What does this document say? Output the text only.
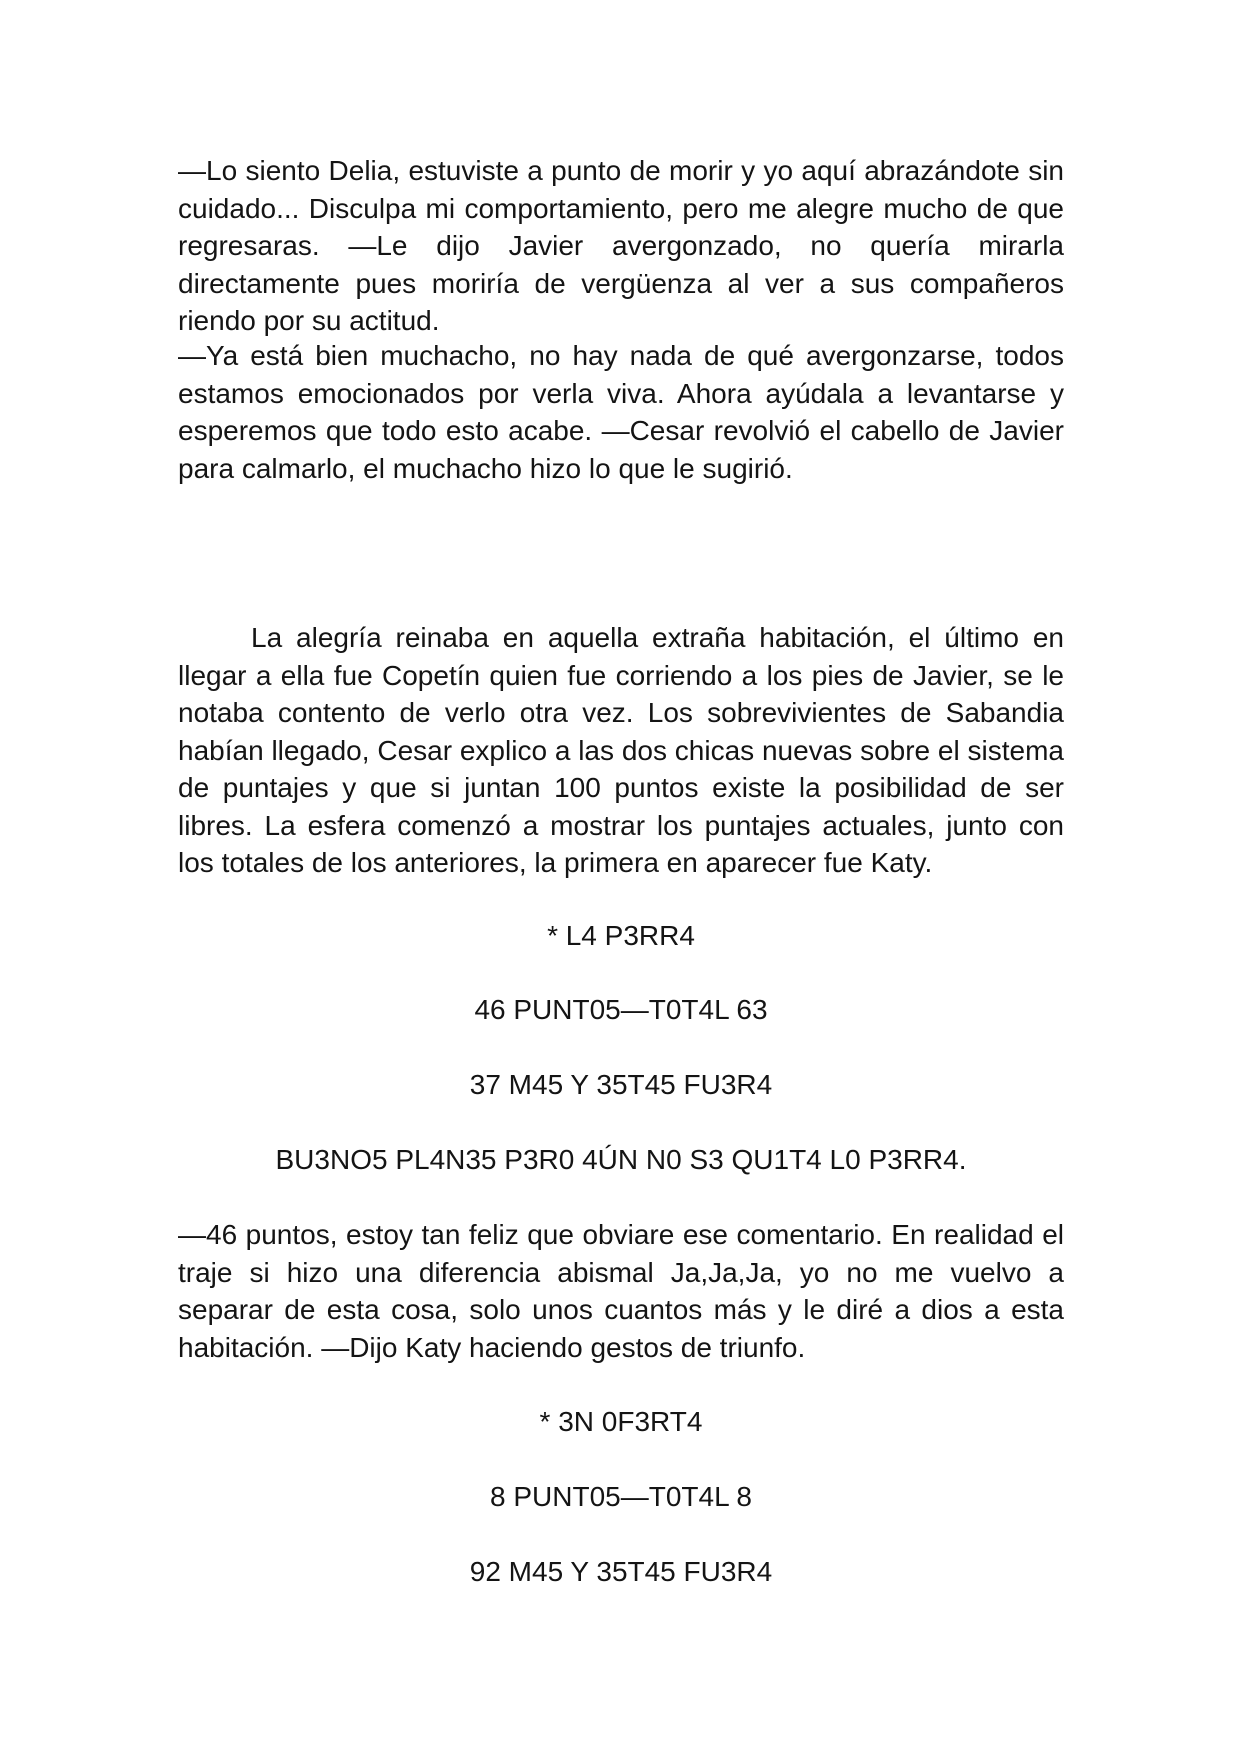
—Lo siento Delia, estuviste a punto de morir y yo aquí abrazándote sin cuidado... Disculpa mi comportamiento, pero me alegre mucho de que regresaras. —Le dijo Javier avergonzado, no quería mirarla directamente pues moriría de vergüenza al ver a sus compañeros riendo por su actitud.

—Ya está bien muchacho, no hay nada de qué avergonzarse, todos estamos emocionados por verla viva. Ahora ayúdala a levantarse y esperemos que todo esto acabe. —Cesar revolvió el cabello de Javier para calmarlo, el muchacho hizo lo que le sugirió.

La alegría reinaba en aquella extraña habitación, el último en llegar a ella fue Copetín quien fue corriendo a los pies de Javier, se le notaba contento de verlo otra vez. Los sobrevivientes de Sabandia habían llegado, Cesar explico a las dos chicas nuevas sobre el sistema de puntajes y que si juntan 100 puntos existe la posibilidad de ser libres. La esfera comenzó a mostrar los puntajes actuales, junto con los totales de los anteriores, la primera en aparecer fue Katy.

* L4 P3RR4

46 PUNT05—T0T4L 63

37 M45 Y 35T45 FU3R4

BU3NO5 PL4N35 P3R0 4ÚN N0 S3 QU1T4 L0 P3RR4.

—46 puntos, estoy tan feliz que obviare ese comentario. En realidad el traje si hizo una diferencia abismal Ja,Ja,Ja, yo no me vuelvo a separar de esta cosa, solo unos cuantos más y le diré a dios a esta habitación. —Dijo Katy haciendo gestos de triunfo.

* 3N 0F3RT4

8 PUNT05—T0T4L 8

92 M45 Y 35T45 FU3R4
